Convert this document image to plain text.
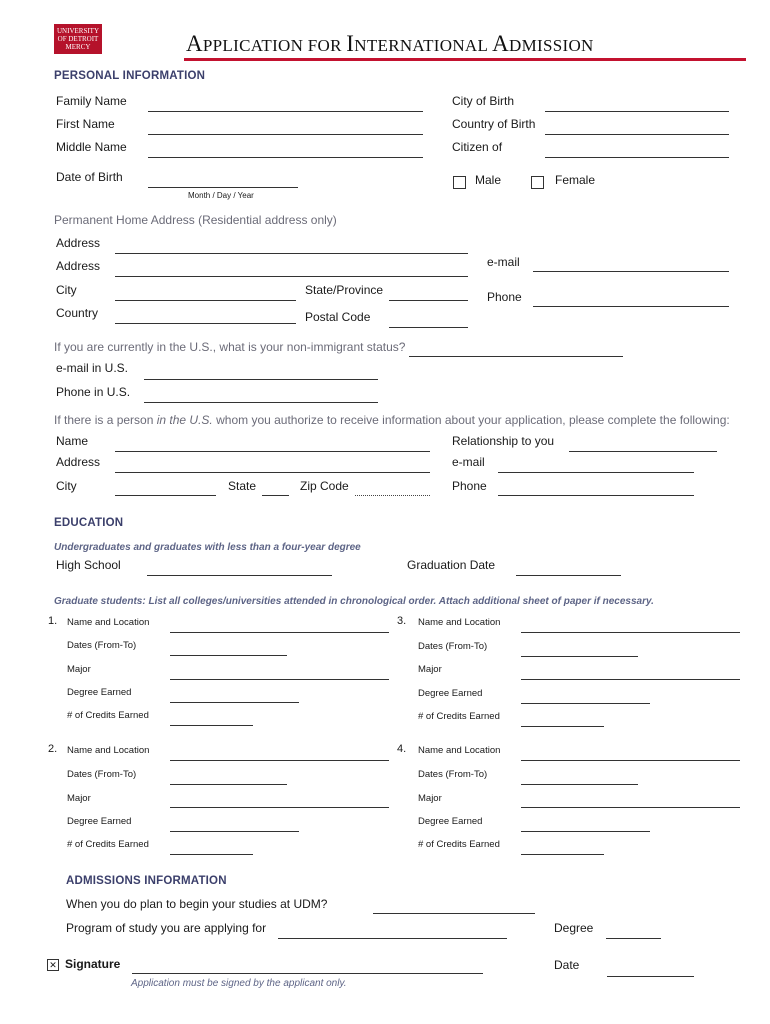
UNIVERSITY
OF DETROIT
MERCY	APPLICATION FOR INTERNATIONAL ADMISSION
PERSONAL INFORMATION
Family Name	City of Birth
First Name	Country of Birth
Middle Name	Citizen of
Date of Birth
Month / Day / Year
Male	Female
Permanent Home Address (Residential address only)
Address
Address	e-mail
City	State/Province	Phone
Country	Postal Code
If you are currently in the U.S., what is your non-immigrant status?
e-mail in U.S.
Phone in U.S.
If there is a person in the U.S. whom you authorize to receive information about your application, please complete the following:
Name	Relationship to you
Address	e-mail
City	State	Zip Code	Phone
EDUCATION
Undergraduates and graduates with less than a four-year degree
High School	Graduation Date
Graduate students: List all colleges/universities attended in chronological order. Attach additional sheet of paper if necessary.
1. Name and Location
Dates (From-To)
Major
Degree Earned
# of Credits Earned
3. Name and Location
Dates (From-To)
Major
Degree Earned
# of Credits Earned
2. Name and Location
Dates (From-To)
Major
Degree Earned
# of Credits Earned
4. Name and Location
Dates (From-To)
Major
Degree Earned
# of Credits Earned
ADMISSIONS INFORMATION
When you do plan to begin your studies at UDM?
Program of study you are applying for	Degree
✕ Signature	Date
Application must be signed by the applicant only.
